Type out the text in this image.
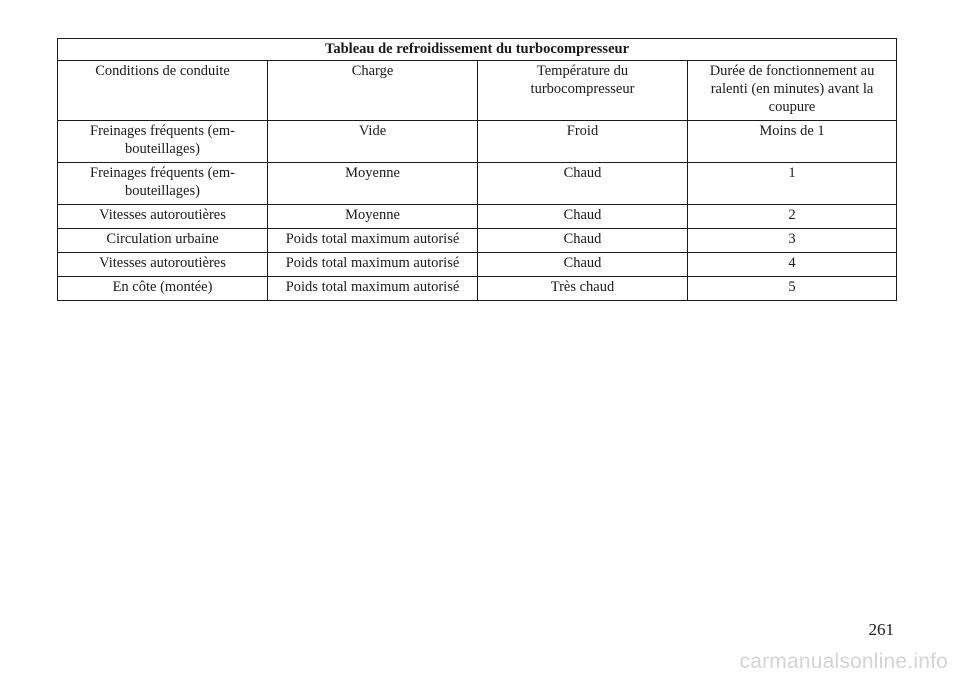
Tableau de refroidissement du turbocompresseur			
Conditions de conduite	Charge	Température du turbocompresseur	Durée de fonctionnement au ralenti (en minutes) avant la coupure
Freinages fréquents (em-bouteillages)	Vide	Froid	Moins de 1
Freinages fréquents (em-bouteillages)	Moyenne	Chaud	1
Vitesses autoroutières	Moyenne	Chaud	2
Circulation urbaine	Poids total maximum autorisé	Chaud	3
Vitesses autoroutières	Poids total maximum autorisé	Chaud	4
En côte (montée)	Poids total maximum autorisé	Très chaud	5
261
carmanualsonline.info
